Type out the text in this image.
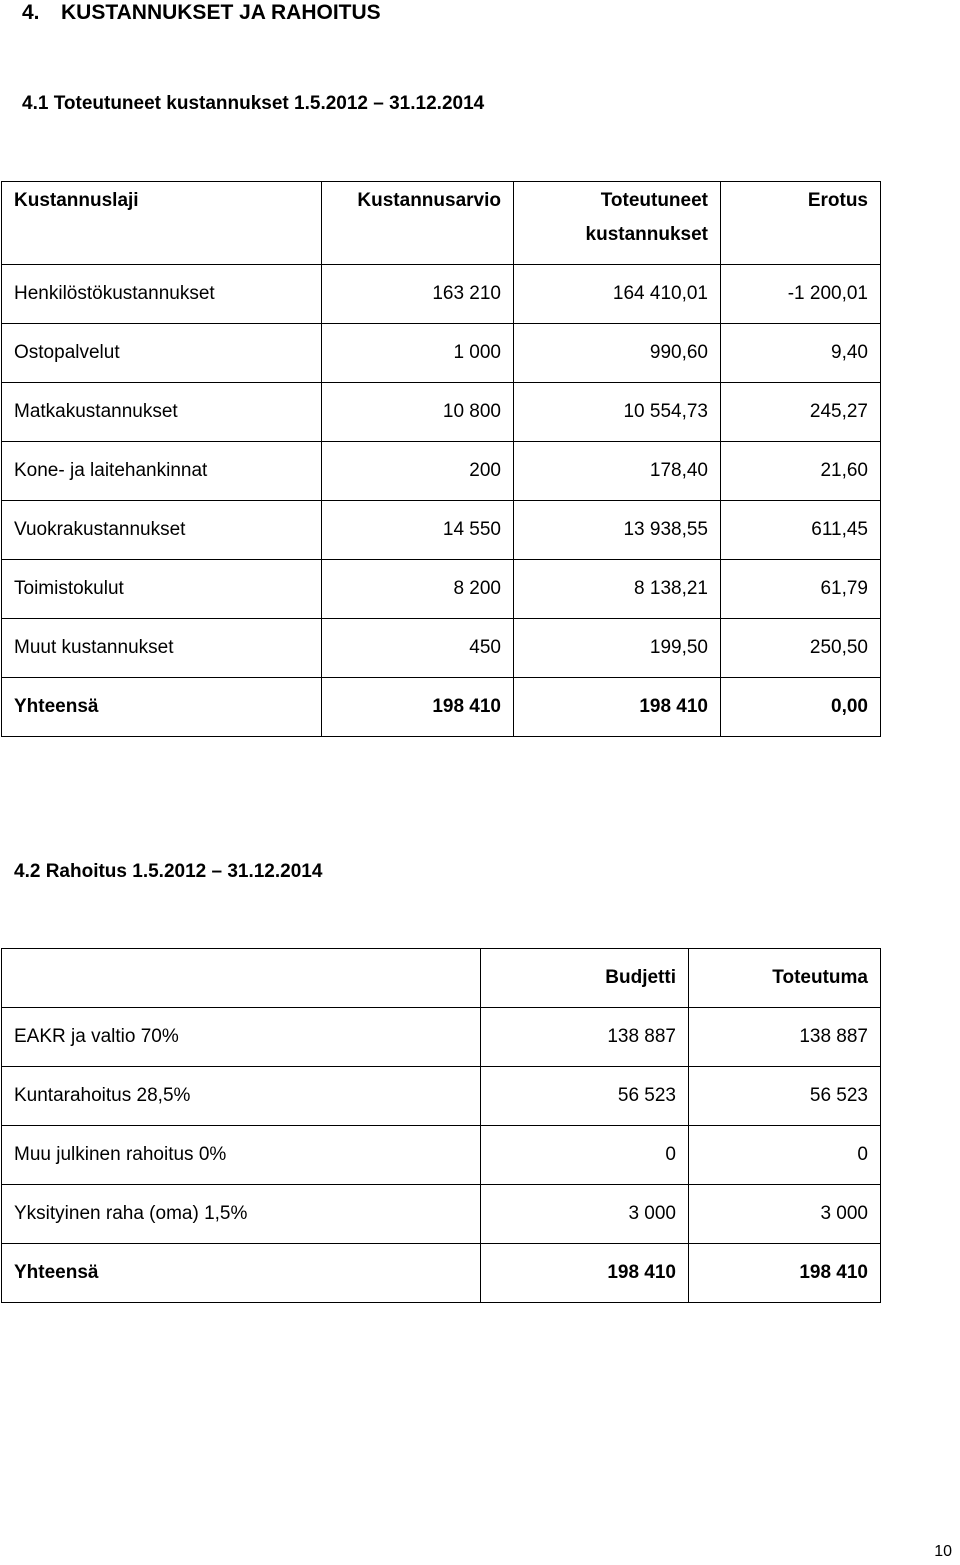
4. KUSTANNUKSET JA RAHOITUS
4.1 Toteutuneet kustannukset 1.5.2012 – 31.12.2014
Kustannuslaji	Kustannusarvio	Toteutuneet kustannukset	Erotus
Henkilöstökustannukset	163 210	164 410,01	-1 200,01
Ostopalvelut	1 000	990,60	9,40
Matkakustannukset	10 800	10 554,73	245,27
Kone- ja laitehankinnat	200	178,40	21,60
Vuokrakustannukset	14 550	13 938,55	611,45
Toimistokulut	8 200	8 138,21	61,79
Muut kustannukset	450	199,50	250,50
Yhteensä	198 410	198 410	0,00
4.2 Rahoitus 1.5.2012 – 31.12.2014
	Budjetti	Toteutuma
EAKR ja valtio 70%	138 887	138 887
Kuntarahoitus 28,5%	56 523	56 523
Muu julkinen rahoitus 0%	0	0
Yksityinen raha (oma) 1,5%	3 000	3 000
Yhteensä	198 410	198 410
10
